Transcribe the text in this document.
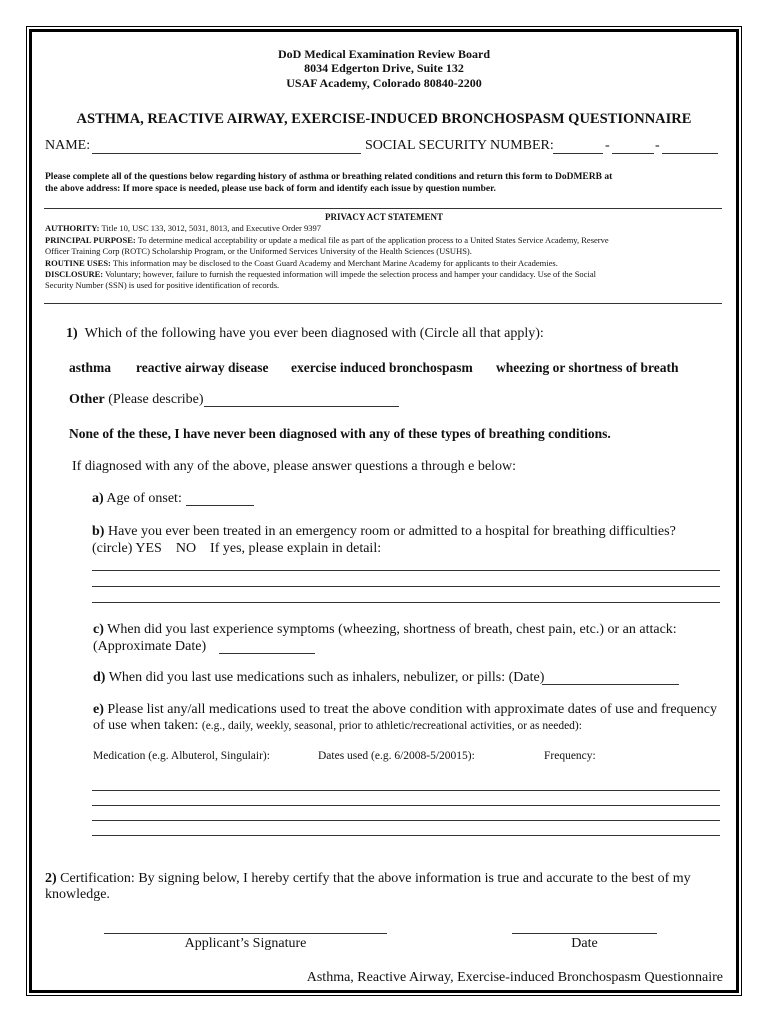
DoD Medical Examination Review Board
8034 Edgerton Drive, Suite 132
USAF Academy, Colorado 80840-2200
ASTHMA, REACTIVE AIRWAY, EXERCISE-INDUCED BRONCHOSPASM QUESTIONNAIRE
NAME:	SOCIAL SECURITY NUMBER:	-	-
Please complete all of the questions below regarding history of asthma or breathing related conditions and return this form to DoDMERB at
the above address: If more space is needed, please use back of form and identify each issue by question number.
PRIVACY ACT STATEMENT
AUTHORITY: Title 10, USC 133, 3012, 5031, 8013, and Executive Order 9397
PRINCIPAL PURPOSE: To determine medical acceptability or update a medical file as part of the application process to a United States Service Academy, Reserve
Officer Training Corp (ROTC) Scholarship Program, or the Uniformed Services University of the Health Sciences (USUHS).
ROUTINE USES: This information may be disclosed to the Coast Guard Academy and Merchant Marine Academy for applicants to their Academies.
DISCLOSURE: Voluntary; however, failure to furnish the requested information will impede the selection process and hamper your candidacy. Use of the Social
Security Number (SSN) is used for positive identification of records.
1) Which of the following have you ever been diagnosed with (Circle all that apply):
asthma reactive airway disease exercise induced bronchospasm wheezing or shortness of breath
Other (Please describe)
None of the these, I have never been diagnosed with any of these types of breathing conditions.
If diagnosed with any of the above, please answer questions a through e below:
a) Age of onset:
b) Have you ever been treated in an emergency room or admitted to a hospital for breathing difficulties?
(circle) YES    NO    If yes, please explain in detail:
c) When did you last experience symptoms (wheezing, shortness of breath, chest pain, etc.) or an attack:
(Approximate Date)
d) When did you last use medications such as inhalers, nebulizer, or pills: (Date)
e) Please list any/all medications used to treat the above condition with approximate dates of use and frequency
of use when taken: (e.g., daily, weekly, seasonal, prior to athletic/recreational activities, or as needed):
Medication (e.g. Albuterol, Singulair):	Dates used (e.g. 6/2008-5/20015):	Frequency:
2) Certification: By signing below, I hereby certify that the above information is true and accurate to the best of my
knowledge.
Applicant’s Signature	Date
Asthma, Reactive Airway, Exercise-induced Bronchospasm Questionnaire
